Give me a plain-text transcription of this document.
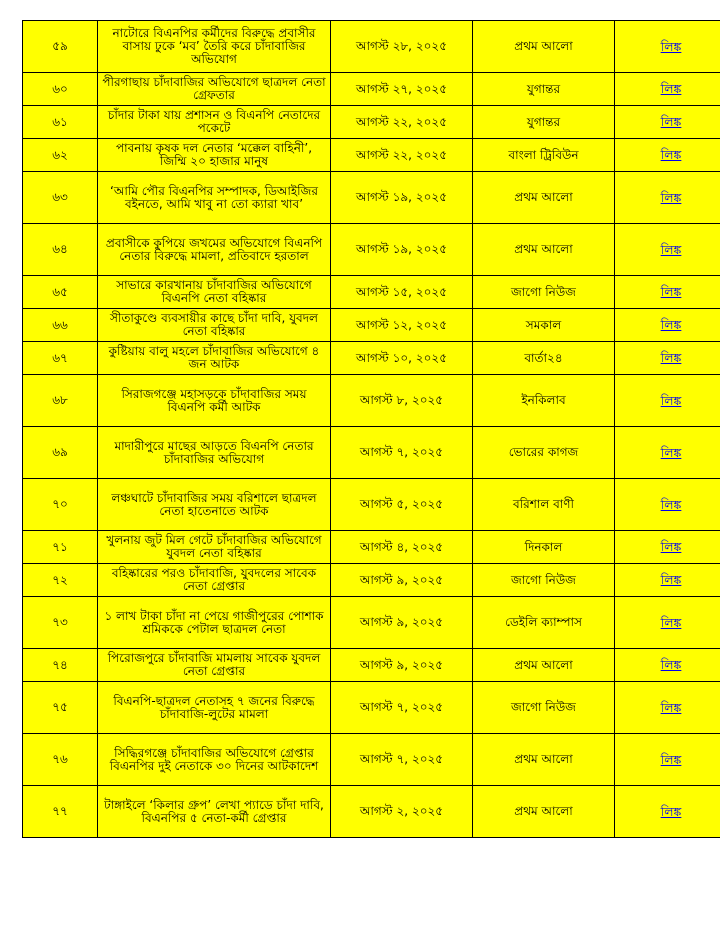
৫৯	নাটোরে বিএনপির কর্মীদের বিরুদ্ধে প্রবাসীর বাসায় ঢুকে ‘মব’ তৈরি করে চাঁদাবাজির অভিযোগ	আগস্ট ২৮, ২০২৫	প্রথম আলো	লিঙ্ক
৬০	পীরগাছায় চাঁদাবাজির অভিযোগে ছাত্রদল নেতা গ্রেফতার	আগস্ট ২৭, ২০২৫	যুগান্তর	লিঙ্ক
৬১	চাঁদার টাকা যায় প্রশাসন ও বিএনপি নেতাদের পকেটে	আগস্ট ২২, ২০২৫	যুগান্তর	লিঙ্ক
৬২	পাবনায় কৃষক দল নেতার ‘মক্কেল বাহিনী’, জিম্মি ২০ হাজার মানুষ	আগস্ট ২২, ২০২৫	বাংলা ট্রিবিউন	লিঙ্ক
৬৩	‘আমি পৌর বিএনপির সম্পাদক, ডিআইজির বইনতে, আমি খাবু না তো ক্যারা খাব’	আগস্ট ১৯, ২০২৫	প্রথম আলো	লিঙ্ক
৬৪	প্রবাসীকে কুপিয়ে জখমের অভিযোগে বিএনপি নেতার বিরুদ্ধে মামলা, প্রতিবাদে হরতাল	আগস্ট ১৯, ২০২৫	প্রথম আলো	লিঙ্ক
৬৫	সাভারে কারখানায় চাঁদাবাজির অভিযোগে বিএনপি নেতা বহিষ্কার	আগস্ট ১৫, ২০২৫	জাগো নিউজ	লিঙ্ক
৬৬	সীতাকুণ্ডে ব্যবসায়ীর কাছে চাঁদা দাবি, যুবদল নেতা বহিষ্কার	আগস্ট ১২, ২০২৫	সমকাল	লিঙ্ক
৬৭	কুষ্টিয়ায় বালু মহলে চাঁদাবাজির অভিযোগে ৪ জন আটক	আগস্ট ১০, ২০২৫	বার্তা২৪	লিঙ্ক
৬৮	সিরাজগঞ্জে মহাসড়কে চাঁদাবাজির সময় বিএনপি কর্মী আটক	আগস্ট ৮, ২০২৫	ইনকিলাব	লিঙ্ক
৬৯	মাদারীপুরে মাছের আড়তে বিএনপি নেতার চাঁদাবাজির অভিযোগ	আগস্ট ৭, ২০২৫	ভোরের কাগজ	লিঙ্ক
৭০	লঞ্চঘাটে চাঁদাবাজির সময় বরিশালে ছাত্রদল নেতা হাতেনাতে আটক	আগস্ট ৫, ২০২৫	বরিশাল বাণী	লিঙ্ক
৭১	খুলনায় জুট মিল গেটে চাঁদাবাজির অভিযোগে যুবদল নেতা বহিষ্কার	আগস্ট ৪, ২০২৫	দিনকাল	লিঙ্ক
৭২	বহিষ্কারের পরও চাঁদাবাজি, যুবদলের সাবেক নেতা গ্রেপ্তার	আগস্ট ৯, ২০২৫	জাগো নিউজ	লিঙ্ক
৭৩	১ লাখ টাকা চাঁদা না পেয়ে গাজীপুরের পোশাক শ্রমিককে পেটাল ছাত্রদল নেতা	আগস্ট ৯, ২০২৫	ডেইলি ক্যাম্পাস	লিঙ্ক
৭৪	পিরোজপুরে চাঁদাবাজি মামলায় সাবেক যুবদল নেতা গ্রেপ্তার	আগস্ট ৯, ২০২৫	প্রথম আলো	লিঙ্ক
৭৫	বিএনপি-ছাত্রদল নেতাসহ ৭ জনের বিরুদ্ধে চাঁদাবাজি-লুটের মামলা	আগস্ট ৭, ২০২৫	জাগো নিউজ	লিঙ্ক
৭৬	সিদ্ধিরগঞ্জে চাঁদাবাজির অভিযোগে গ্রেপ্তার বিএনপির দুই নেতাকে ৩০ দিনের আটকাদেশ	আগস্ট ৭, ২০২৫	প্রথম আলো	লিঙ্ক
৭৭	টাঙ্গাইলে ‘কিলার গ্রুপ’ লেখা প্যাডে চাঁদা দাবি, বিএনপির ৫ নেতা-কর্মী গ্রেপ্তার	আগস্ট ২, ২০২৫	প্রথম আলো	লিঙ্ক
